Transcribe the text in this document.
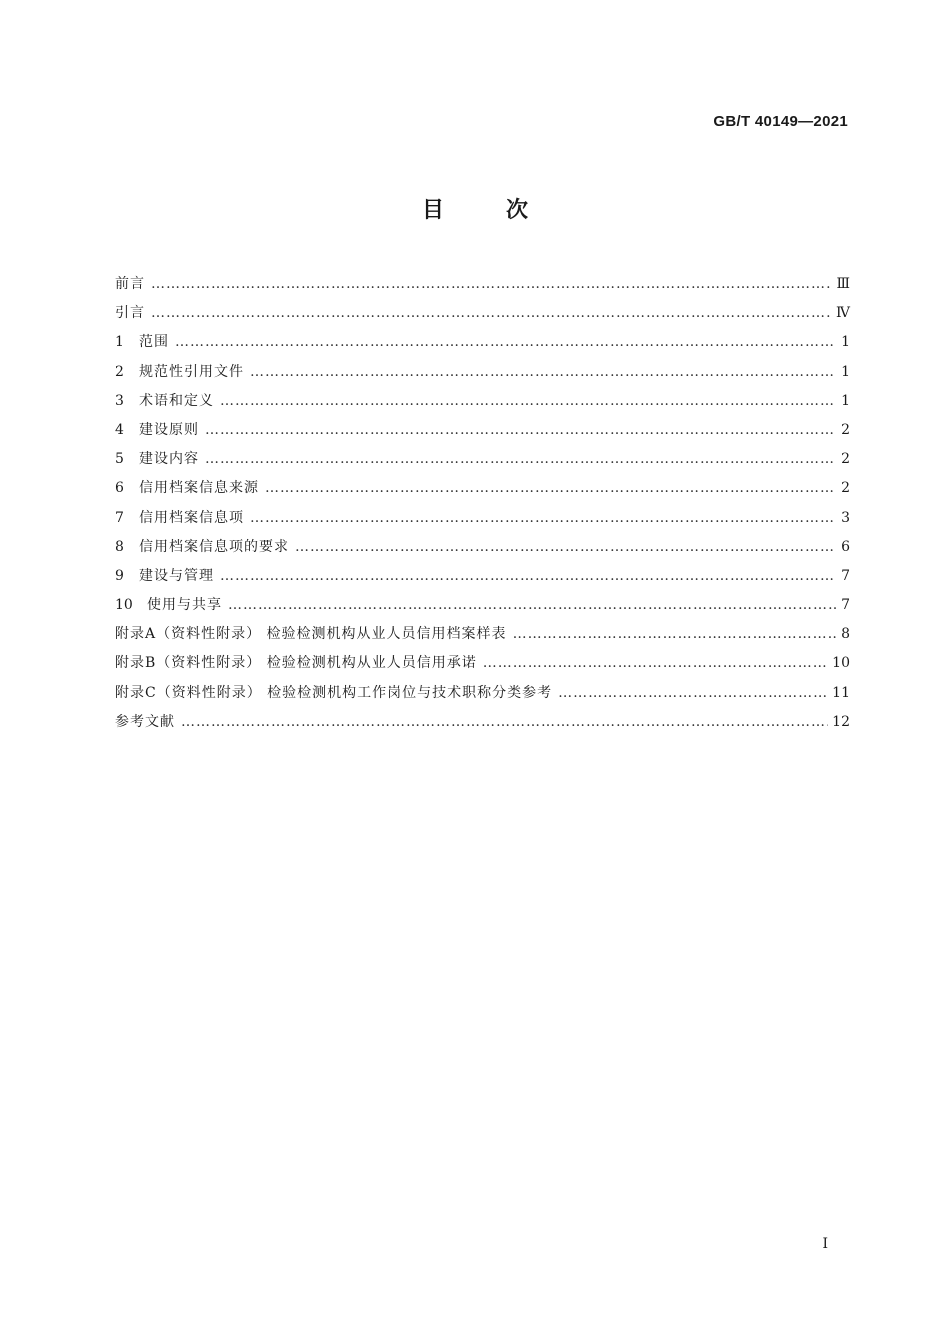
GB/T 40149—2021
目次
前言 …………………………………………………………………………………………………………………………………………………………………………………………………………………………	Ⅲ
引言 …………………………………………………………………………………………………………………………………………………………………………………………………………………………	Ⅳ
1	范围 …………………………………………………………………………………………………………………………………………………………………………………………………………………………	1
2	规范性引用文件 …………………………………………………………………………………………………………………………………………………………………………………………………………………………	1
3	术语和定义 …………………………………………………………………………………………………………………………………………………………………………………………………………………………	1
4	建设原则 …………………………………………………………………………………………………………………………………………………………………………………………………………………………	2
5	建设内容 …………………………………………………………………………………………………………………………………………………………………………………………………………………………	2
6	信用档案信息来源 …………………………………………………………………………………………………………………………………………………………………………………………………………………………	2
7	信用档案信息项 …………………………………………………………………………………………………………………………………………………………………………………………………………………………	3
8	信用档案信息项的要求 …………………………………………………………………………………………………………………………………………………………………………………………………………………………	6
9	建设与管理 …………………………………………………………………………………………………………………………………………………………………………………………………………………………	7
10	使用与共享 …………………………………………………………………………………………………………………………………………………………………………………………………………………………	7
附录A（资料性附录） 检验检测机构从业人员信用档案样表 …………………………………………………………………………………………………………………………………………………………………………………………………………………………	8
附录B（资料性附录） 检验检测机构从业人员信用承诺 …………………………………………………………………………………………………………………………………………………………………………………………………………………………	10
附录C（资料性附录） 检验检测机构工作岗位与技术职称分类参考 …………………………………………………………………………………………………………………………………………………………………………………………………………………………	11
参考文献 …………………………………………………………………………………………………………………………………………………………………………………………………………………………	12
I
